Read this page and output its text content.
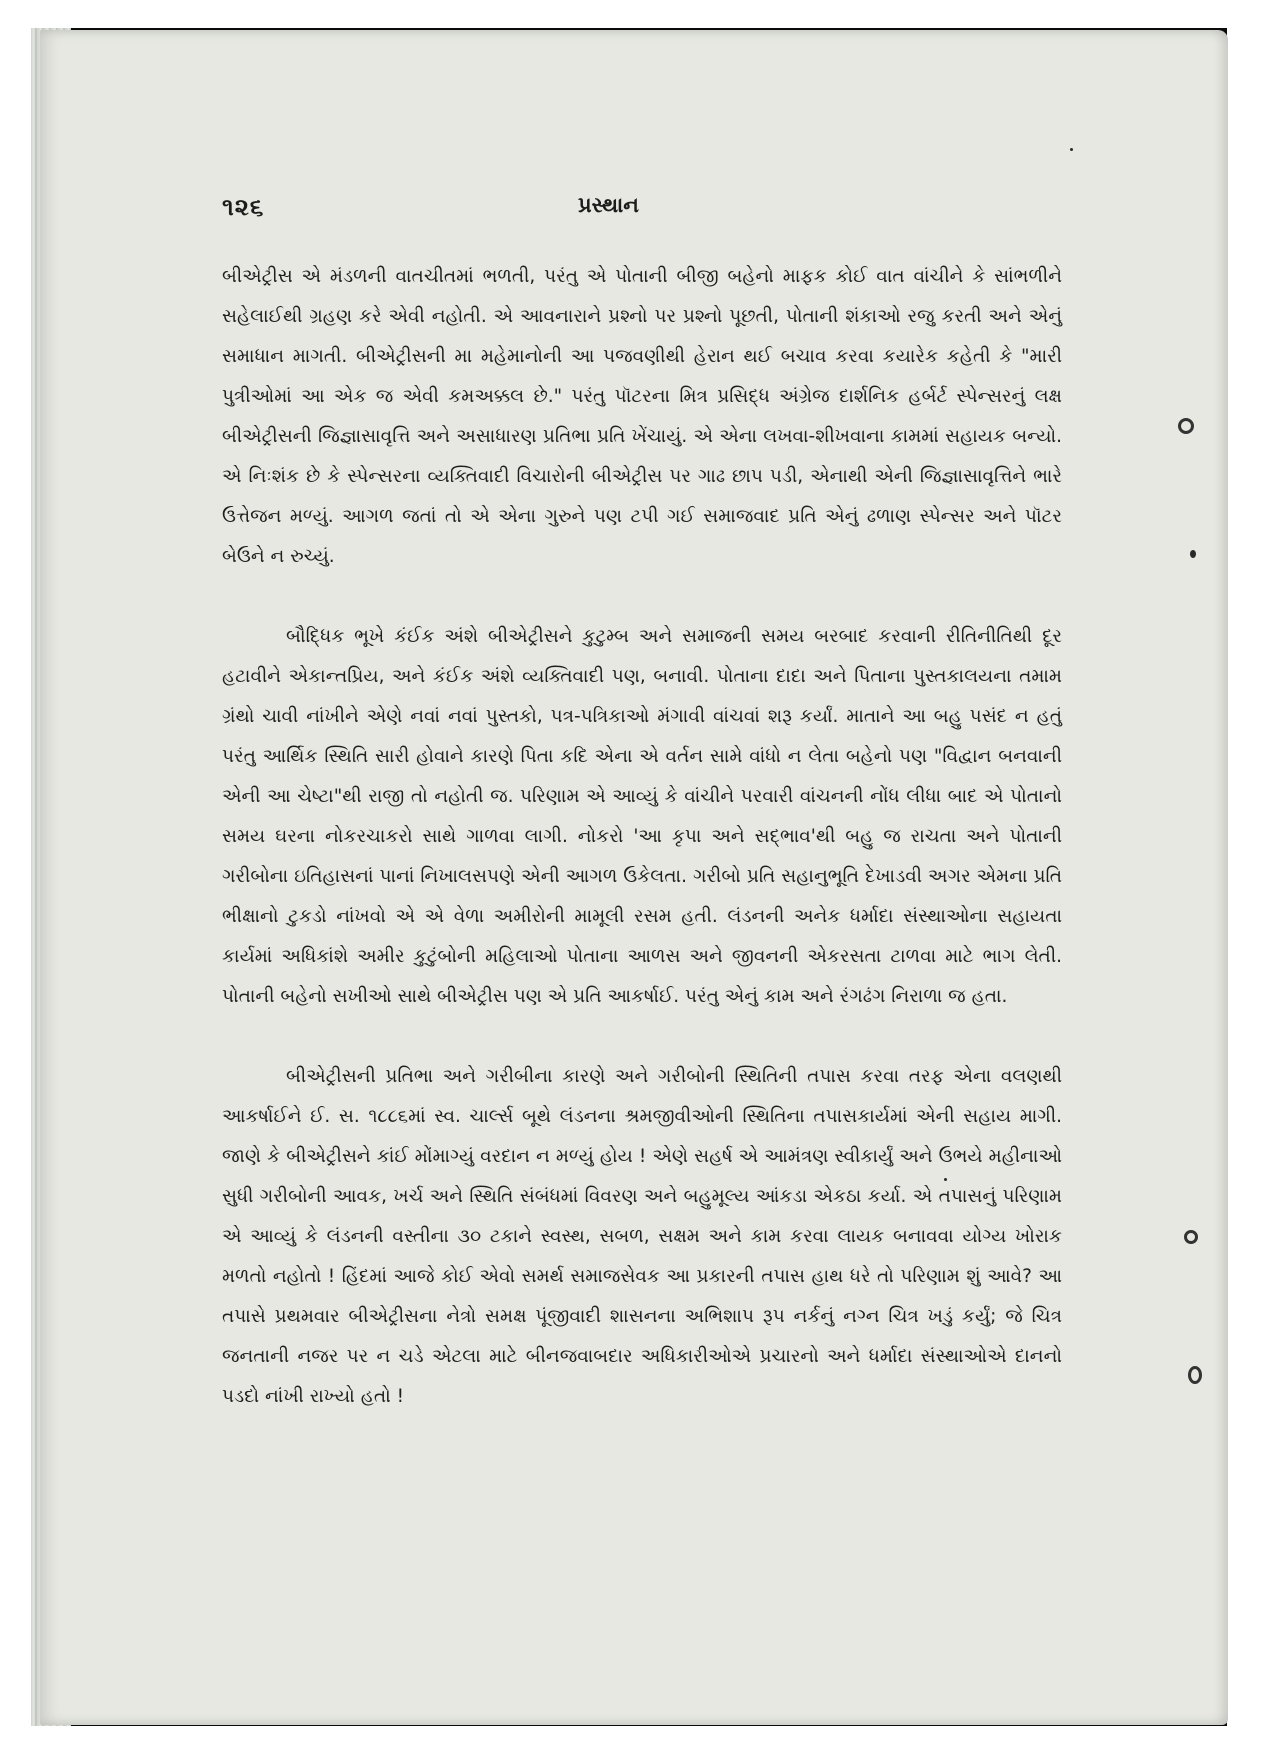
૧૨૬	પ્રસ્થાન

બીએટ્રીસ એ મંડળની વાતચીતમાં ભળતી, પરંતુ એ પોતાની બીજી બહેનો માફક કોઈ વાત વાંચીને કે સાંભળીને સહેલાઈથી ગ્રહણ કરે એવી નહોતી. એ આવનારાને પ્રશ્નો પર પ્રશ્નો પૂછતી, પોતાની શંકાઓ રજુ કરતી અને એનું સમાધાન માગતી. બીએટ્રીસની મા મહેમાનોની આ પજવણીથી હેરાન થઈ બચાવ કરવા કયારેક કહેતી કે "મારી પુત્રીઓમાં આ એક જ એવી કમઅક્કલ છે." પરંતુ પૉટરના મિત્ર પ્રસિદ્ધ અંગ્રેજ દાર્શનિક હર્બર્ટ સ્પેન્સરનું લક્ષ બીએટ્રીસની જિજ્ઞાસાવૃત્તિ અને અસાધારણ પ્રતિભા પ્રતિ ખેંચાયું. એ એના લખવા-શીખવાના કામમાં સહાયક બન્યો. એ નિઃશંક છે કે સ્પેન્સરના વ્યક્તિવાદી વિચારોની બીએટ્રીસ પર ગાઢ છાપ પડી, એનાથી એની જિજ્ઞાસાવૃત્તિને ભારે ઉત્તેજન મળ્યું. આગળ જતાં તો એ એના ગુરુને પણ ટપી ગઈ સમાજવાદ પ્રતિ એનું ઢળાણ સ્પેન્સર અને પૉટર બેઉને ન રુચ્યું.

બૌદ્ધિક ભૂખે કંઈક અંશે બીએટ્રીસને કુટુમ્બ અને સમાજની સમય બરબાદ કરવાની રીતિનીતિથી દૂર હટાવીને એકાન્તપ્રિય, અને કંઈક અંશે વ્યક્તિવાદી પણ, બનાવી. પોતાના દાદા અને પિતાના પુસ્તકાલયના તમામ ગ્રંથો ચાવી નાંખીને એણે નવાં નવાં પુસ્તકો, પત્ર-પત્રિકાઓ મંગાવી વાંચવાં શરૂ કર્યાં. માતાને આ બહુ પસંદ ન હતું પરંતુ આર્થિક સ્થિતિ સારી હોવાને કારણે પિતા કદિ એના એ વર્તન સામે વાંધો ન લેતા બહેનો પણ "વિદ્વાન બનવાની એની આ ચેષ્ટા"થી રાજી તો નહોતી જ. પરિણામ એ આવ્યું કે વાંચીને પરવારી વાંચનની નોંધ લીધા બાદ એ પોતાનો સમય ઘરના નોકરચાકરો સાથે ગાળવા લાગી. નોકરો 'આ કૃપા અને સદ્ભાવ'થી બહુ જ રાચતા અને પોતાની ગરીબોના ઇતિહાસનાં પાનાં નિખાલસપણે એની આગળ ઉકેલતા. ગરીબો પ્રતિ સહાનુભૂતિ દેખાડવી અગર એમના પ્રતિ ભીક્ષાનો ટુકડો નાંખવો એ એ વેળા અમીરોની મામૂલી રસમ હતી. લંડનની અનેક ધર્માદા સંસ્થાઓના સહાયતા કાર્યમાં અધિકાંશે અમીર કુટુંબોની મહિલાઓ પોતાના આળસ અને જીવનની એકરસતા ટાળવા માટે ભાગ લેતી. પોતાની બહેનો સખીઓ સાથે બીએટ્રીસ પણ એ પ્રતિ આકર્ષાઈ. પરંતુ એનું કામ અને રંગઢંગ નિરાળા જ હતા.

બીએટ્રીસની પ્રતિભા અને ગરીબીના કારણે અને ગરીબોની સ્થિતિની તપાસ કરવા તરફ એના વલણથી આકર્ષાઈને ઈ. સ. ૧૮૮૬માં સ્વ. ચાર્લ્સ બૂથે લંડનના શ્રમજીવીઓની સ્થિતિના તપાસકાર્યમાં એની સહાય માગી. જાણે કે બીએટ્રીસને કાંઈ મોંમાગ્યું વરદાન ન મળ્યું હોય ! એણે સહર્ષ એ આમંત્રણ સ્વીકાર્યું અને ઉભયે મહીનાઓ સુધી ગરીબોની આવક, ખર્ચ અને સ્થિતિ સંબંધમાં વિવરણ અને બહુમૂલ્ય આંકડા એકઠા કર્યા. એ તપાસનું પરિણામ એ આવ્યું કે લંડનની વસ્તીના ૩૦ ટકાને સ્વસ્થ, સબળ, સક્ષમ અને કામ કરવા લાયક બનાવવા યોગ્ય ખોરાક મળતો નહોતો ! હિંદમાં આજે કોઈ એવો સમર્થ સમાજસેવક આ પ્રકારની તપાસ હાથ ધરે તો પરિણામ શું આવે? આ તપાસે પ્રથમવાર બીએટ્રીસના નેત્રો સમક્ષ પૂંજીવાદી શાસનના અભિશાપ રૂપ નર્કનું નગ્ન ચિત્ર ખડું કર્યું; જે ચિત્ર જનતાની નજર પર ન ચડે એટલા માટે બીનજવાબદાર અધિકારીઓએ પ્રચારનો અને ધર્માદા સંસ્થાઓએ દાનનો પડદો નાંખી રાખ્યો હતો !
